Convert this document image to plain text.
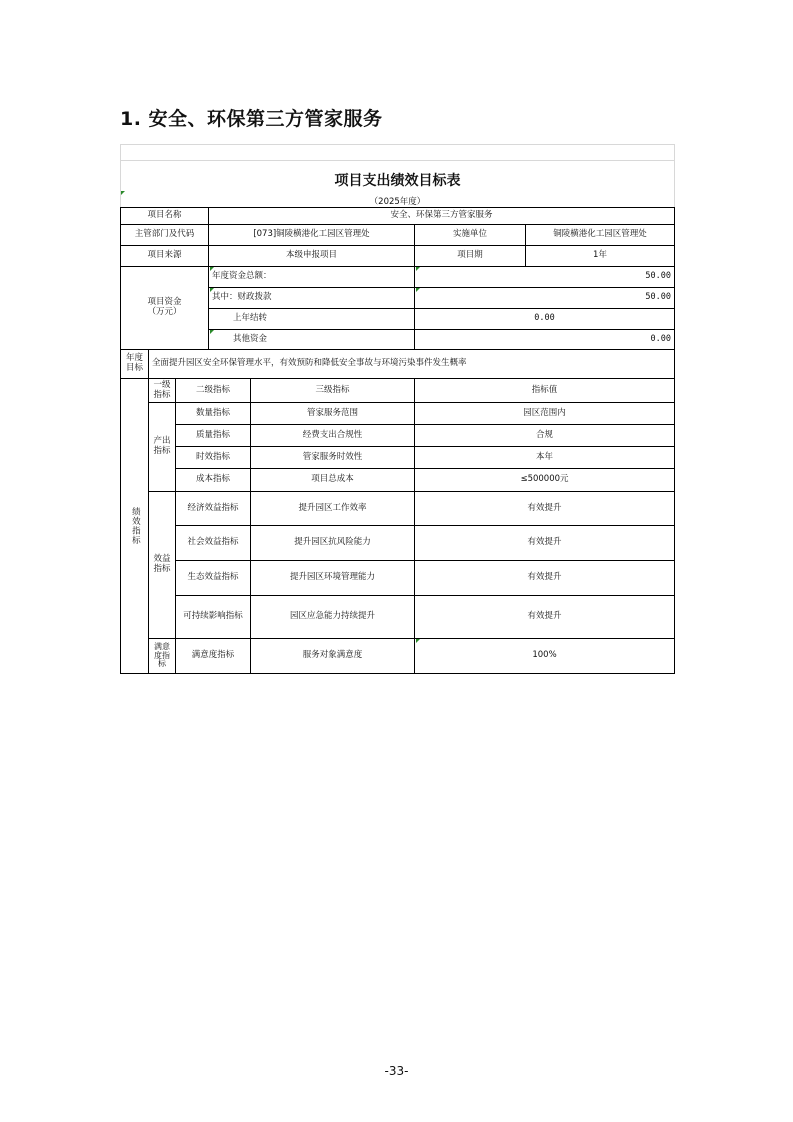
1. 安全、环保第三方管家服务
项目支出绩效目标表
（2025年度）
项目名称	安全、环保第三方管家服务
主管部门及代码	[073]铜陵横港化工园区管理处	实施单位	铜陵横港化工园区管理处
项目来源	本级申报项目	项目期	1年
项目资金
（万元）
年度资金总额：	50.00
其中：财政拨款	50.00
上年结转	0.00
其他资金	0.00
年度
目标	全面提升园区安全环保管理水平，有效预防和降低安全事故与环境污染事件发生概率
绩效指标
一级
指标	二级指标	三级指标	指标值
产出
指标
数量指标	管家服务范围	园区范围内
质量指标	经费支出合规性	合规
时效指标	管家服务时效性	本年
成本指标	项目总成本	≤500000元
效益
指标
经济效益指标	提升园区工作效率	有效提升
社会效益指标	提升园区抗风险能力	有效提升
生态效益指标	提升园区环境管理能力	有效提升
可持续影响指标	园区应急能力持续提升	有效提升
满意度指标
满意度指标	服务对象满意度	100%
-33-
